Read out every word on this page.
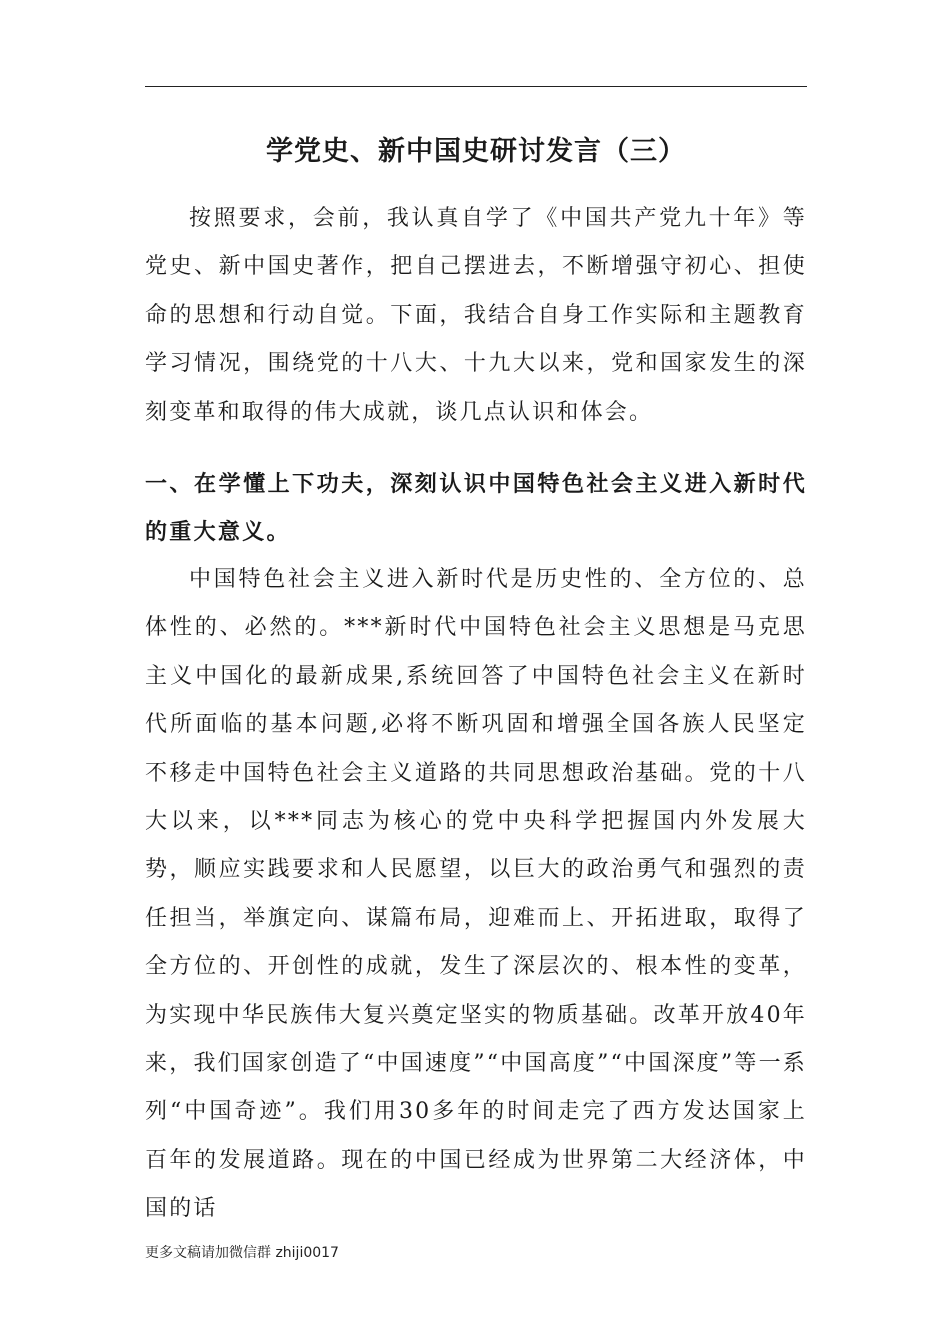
学党史、新中国史研讨发言（三）

按照要求，会前，我认真自学了《中国共产党九十年》等党史、新中国史著作，把自己摆进去，不断增强守初心、担使命的思想和行动自觉。下面，我结合自身工作实际和主题教育学习情况，围绕党的十八大、十九大以来，党和国家发生的深刻变革和取得的伟大成就，谈几点认识和体会。

一、在学懂上下功夫，深刻认识中国特色社会主义进入新时代的重大意义。

中国特色社会主义进入新时代是历史性的、全方位的、总体性的、必然的。***新时代中国特色社会主义思想是马克思主义中国化的最新成果,系统回答了中国特色社会主义在新时代所面临的基本问题,必将不断巩固和增强全国各族人民坚定不移走中国特色社会主义道路的共同思想政治基础。党的十八大以来，以***同志为核心的党中央科学把握国内外发展大势，顺应实践要求和人民愿望，以巨大的政治勇气和强烈的责任担当，举旗定向、谋篇布局，迎难而上、开拓进取，取得了全方位的、开创性的成就，发生了深层次的、根本性的变革，为实现中华民族伟大复兴奠定坚实的物质基础。改革开放40年来，我们国家创造了“中国速度”“中国高度”“中国深度”等一系列“中国奇迹”。我们用30多年的时间走完了西方发达国家上百年的发展道路。现在的中国已经成为世界第二大经济体，中国的话

更多文稿请加微信群 zhiji0017
